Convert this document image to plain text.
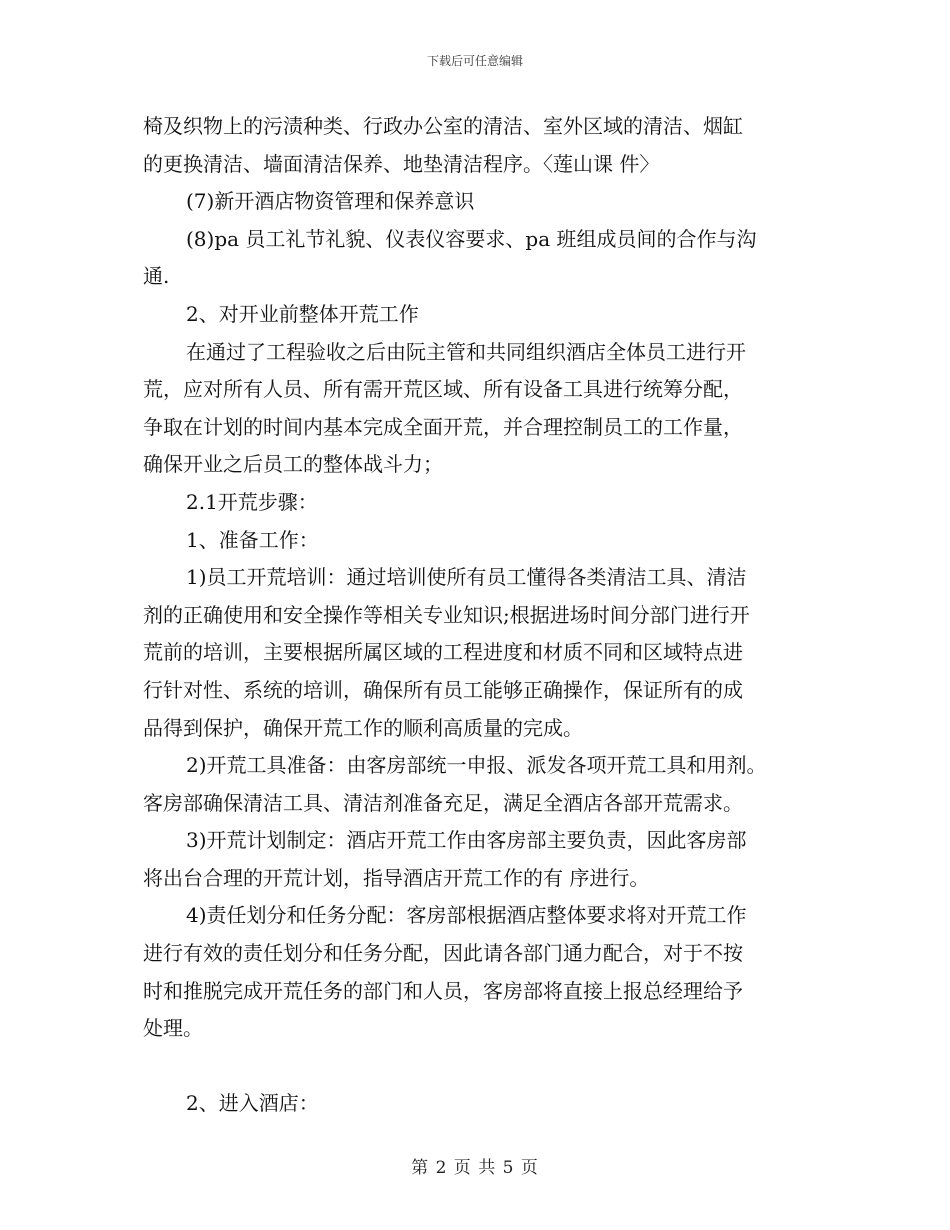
下载后可任意编辑
椅及织物上的污渍种类、行政办公室的清洁、室外区域的清洁、烟缸
的更换清洁、墙面清洁保养、地垫清洁程序。〈莲山课 件〉
(7)新开酒店物资管理和保养意识
(8)pa 员工礼节礼貌、仪表仪容要求、pa 班组成员间的合作与沟
通.
2、对开业前整体开荒工作
在通过了工程验收之后由阮主管和共同组织酒店全体员工进行开
荒，应对所有人员、所有需开荒区域、所有设备工具进行统筹分配，
争取在计划的时间内基本完成全面开荒，并合理控制员工的工作量，
确保开业之后员工的整体战斗力；
2.1开荒步骤：
1、准备工作：
1)员工开荒培训：通过培训使所有员工懂得各类清洁工具、清洁
剂的正确使用和安全操作等相关专业知识;根据进场时间分部门进行开
荒前的培训，主要根据所属区域的工程进度和材质不同和区域特点进
行针对性、系统的培训，确保所有员工能够正确操作，保证所有的成
品得到保护，确保开荒工作的顺利高质量的完成。
2)开荒工具准备：由客房部统一申报、派发各项开荒工具和用剂。
客房部确保清洁工具、清洁剂准备充足，满足全酒店各部开荒需求。
3)开荒计划制定：酒店开荒工作由客房部主要负责，因此客房部
将出台合理的开荒计划，指导酒店开荒工作的有 序进行。
4)责任划分和任务分配：客房部根据酒店整体要求将对开荒工作
进行有效的责任划分和任务分配，因此请各部门通力配合，对于不按
时和推脱完成开荒任务的部门和人员，客房部将直接上报总经理给予
处理。
2、进入酒店：
第 2 页 共 5 页
